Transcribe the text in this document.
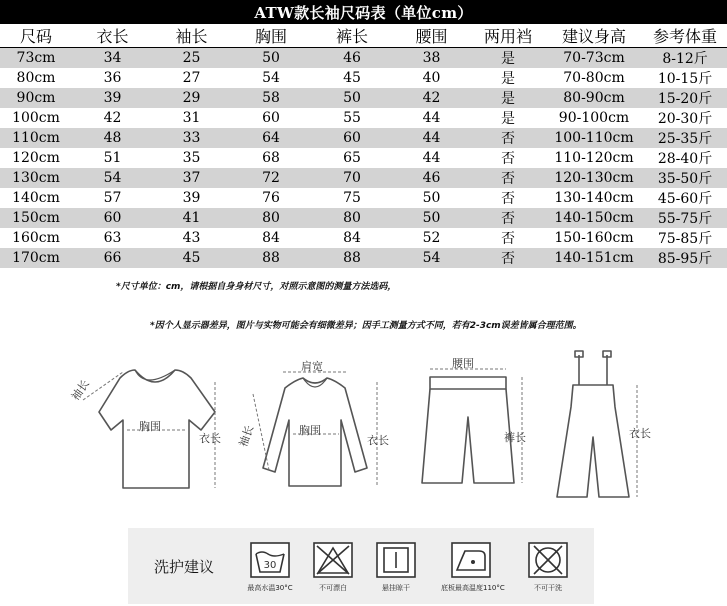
ATW款长袖尺码表（单位cm）								
尺码	衣长	袖长	胸围	裤长	腰围	两用裆	建议身高	参考体重
73cm	34	25	50	46	38	是	70-73cm	8-12斤
80cm	36	27	54	45	40	是	70-80cm	10-15斤
90cm	39	29	58	50	42	是	80-90cm	15-20斤
100cm	42	31	60	55	44	是	90-100cm	20-30斤
110cm	48	33	64	60	44	否	100-110cm	25-35斤
120cm	51	35	68	65	44	否	110-120cm	28-40斤
130cm	54	37	72	70	46	否	120-130cm	35-50斤
140cm	57	39	76	75	50	否	130-140cm	45-60斤
150cm	60	41	80	80	50	否	140-150cm	55-75斤
160cm	63	43	84	84	52	否	150-160cm	75-85斤
170cm	66	45	88	88	54	否	140-151cm	85-95斤
*尺寸单位：cm，请根据自身身材尺寸，对照示意图的测量方法选码，
*因个人显示器差异，图片与实物可能会有细微差异；因手工测量方式不同，若有2-3cm误差皆属合理范围。
袖长
胸围
衣长
肩宽
袖长	胸围
衣长
腰围
裤长	衣长
洗护建议	30
最高水温30°C	不可漂白	悬挂晾干	底板最高温度110°C	不可干洗
